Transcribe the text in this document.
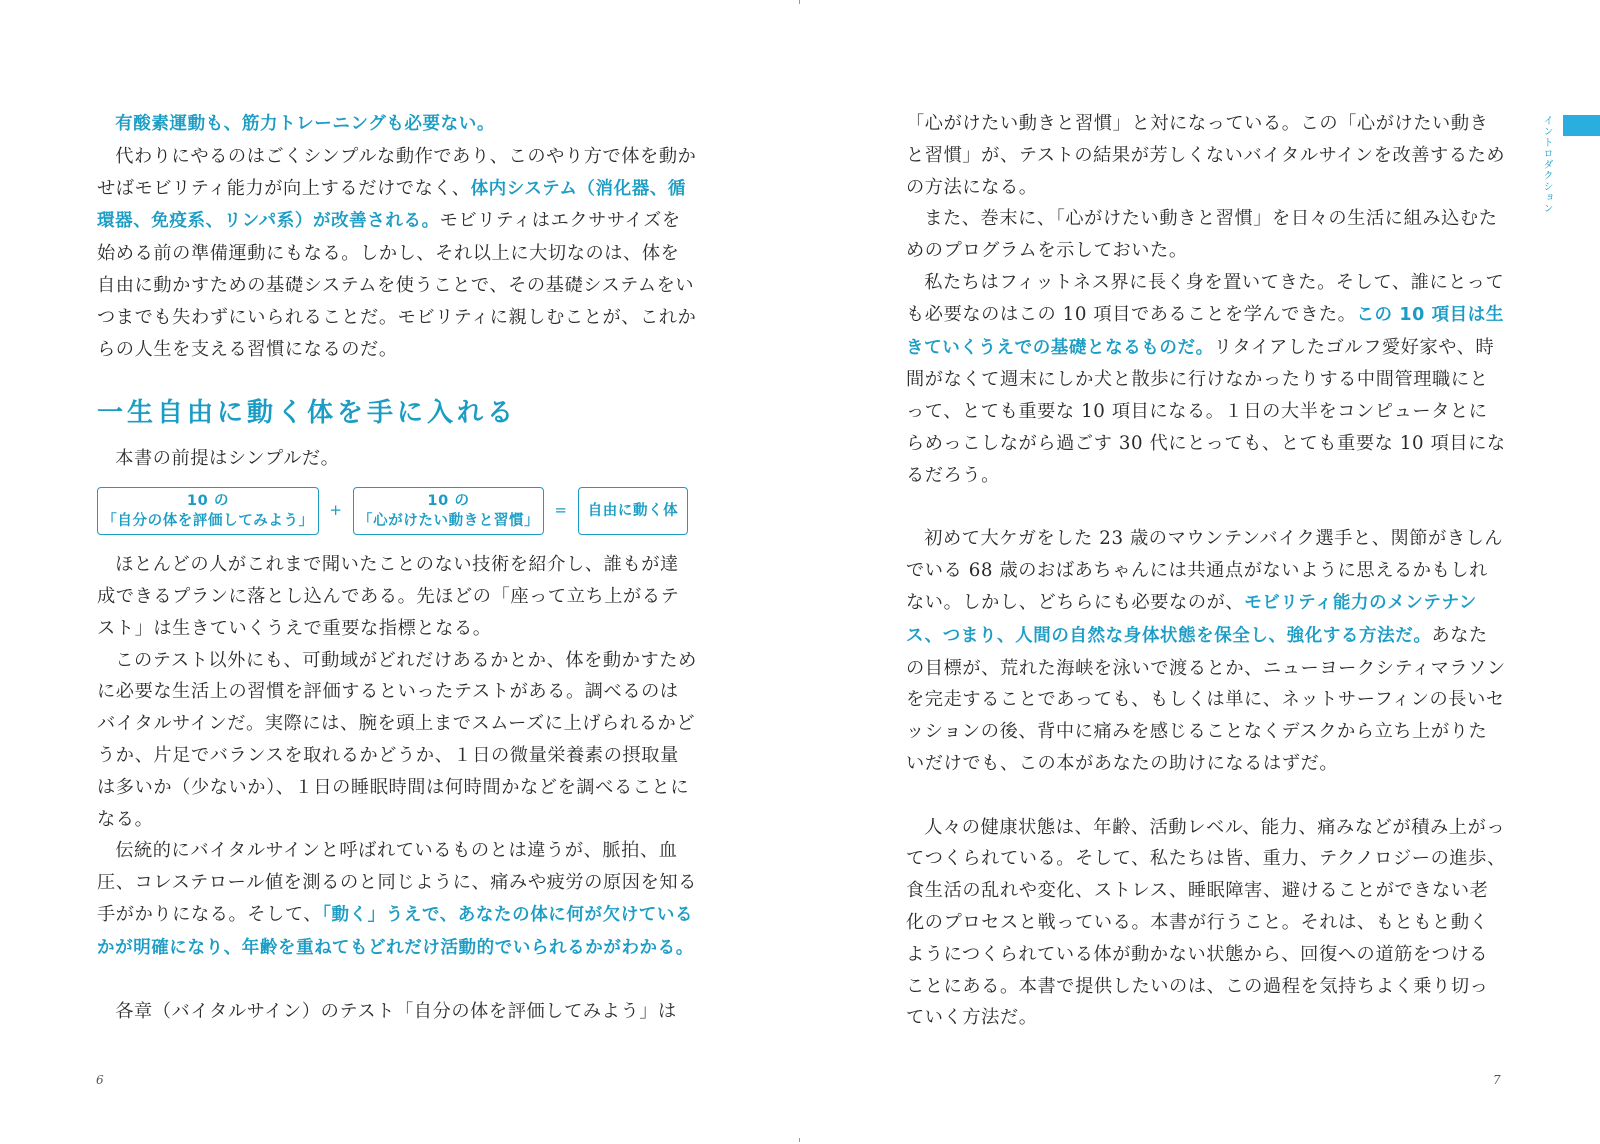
有酸素運動も、筋力トレーニングも必要ない。

代わりにやるのはごくシンプルな動作であり、このやり方で体を動かせばモビリティ能力が向上するだけでなく、体内システム（消化器、循環器、免疫系、リンパ系）が改善される。モビリティはエクササイズを始める前の準備運動にもなる。しかし、それ以上に大切なのは、体を自由に動かすための基礎システムを使うことで、その基礎システムをいつまでも失わずにいられることだ。モビリティに親しむことが、これからの人生を支える習慣になるのだ。

一生自由に動く体を手に入れる

本書の前提はシンプルだ。

10 の
「自分の体を評価してみよう」
+
10 の
「心がけたい動きと習慣」
=	自由に動く体

ほとんどの人がこれまで聞いたことのない技術を紹介し、誰もが達成できるプランに落とし込んである。先ほどの「座って立ち上がるテスト」は生きていくうえで重要な指標となる。

このテスト以外にも、可動域がどれだけあるかとか、体を動かすために必要な生活上の習慣を評価するといったテストがある。調べるのはバイタルサインだ。実際には、腕を頭上までスムーズに上げられるかどうか、片足でバランスを取れるかどうか、１日の微量栄養素の摂取量は多いか（少ないか）、１日の睡眠時間は何時間かなどを調べることになる。

伝統的にバイタルサインと呼ばれているものとは違うが、脈拍、血圧、コレステロール値を測るのと同じように、痛みや疲労の原因を知る手がかりになる。そして、「動く」うえで、あなたの体に何が欠けているかが明確になり、年齢を重ねてもどれだけ活動的でいられるかがわかる。

各章（バイタルサイン）のテスト「自分の体を評価してみよう」は

6

「心がけたい動きと習慣」と対になっている。この「心がけたい動きと習慣」が、テストの結果が芳しくないバイタルサインを改善するための方法になる。

また、巻末に、「心がけたい動きと習慣」を日々の生活に組み込むためのプログラムを示しておいた。

私たちはフィットネス界に長く身を置いてきた。そして、誰にとっても必要なのはこの 10 項目であることを学んできた。この 10 項目は生きていくうえでの基礎となるものだ。リタイアしたゴルフ愛好家や、時間がなくて週末にしか犬と散歩に行けなかったりする中間管理職にとって、とても重要な 10 項目になる。１日の大半をコンピュータとにらめっこしながら過ごす 30 代にとっても、とても重要な 10 項目になるだろう。

初めて大ケガをした 23 歳のマウンテンバイク選手と、関節がきしんでいる 68 歳のおばあちゃんには共通点がないように思えるかもしれない。しかし、どちらにも必要なのが、モビリティ能力のメンテナンス、つまり、人間の自然な身体状態を保全し、強化する方法だ。あなたの目標が、荒れた海峡を泳いで渡るとか、ニューヨークシティマラソンを完走することであっても、もしくは単に、ネットサーフィンの長いセッションの後、背中に痛みを感じることなくデスクから立ち上がりたいだけでも、この本があなたの助けになるはずだ。

人々の健康状態は、年齢、活動レベル、能力、痛みなどが積み上がってつくられている。そして、私たちは皆、重力、テクノロジーの進歩、食生活の乱れや変化、ストレス、睡眠障害、避けることができない老化のプロセスと戦っている。本書が行うこと。それは、もともと動くようにつくられている体が動かない状態から、回復への道筋をつけることにある。本書で提供したいのは、この過程を気持ちよく乗り切っていく方法だ。

イントロダクション
7
